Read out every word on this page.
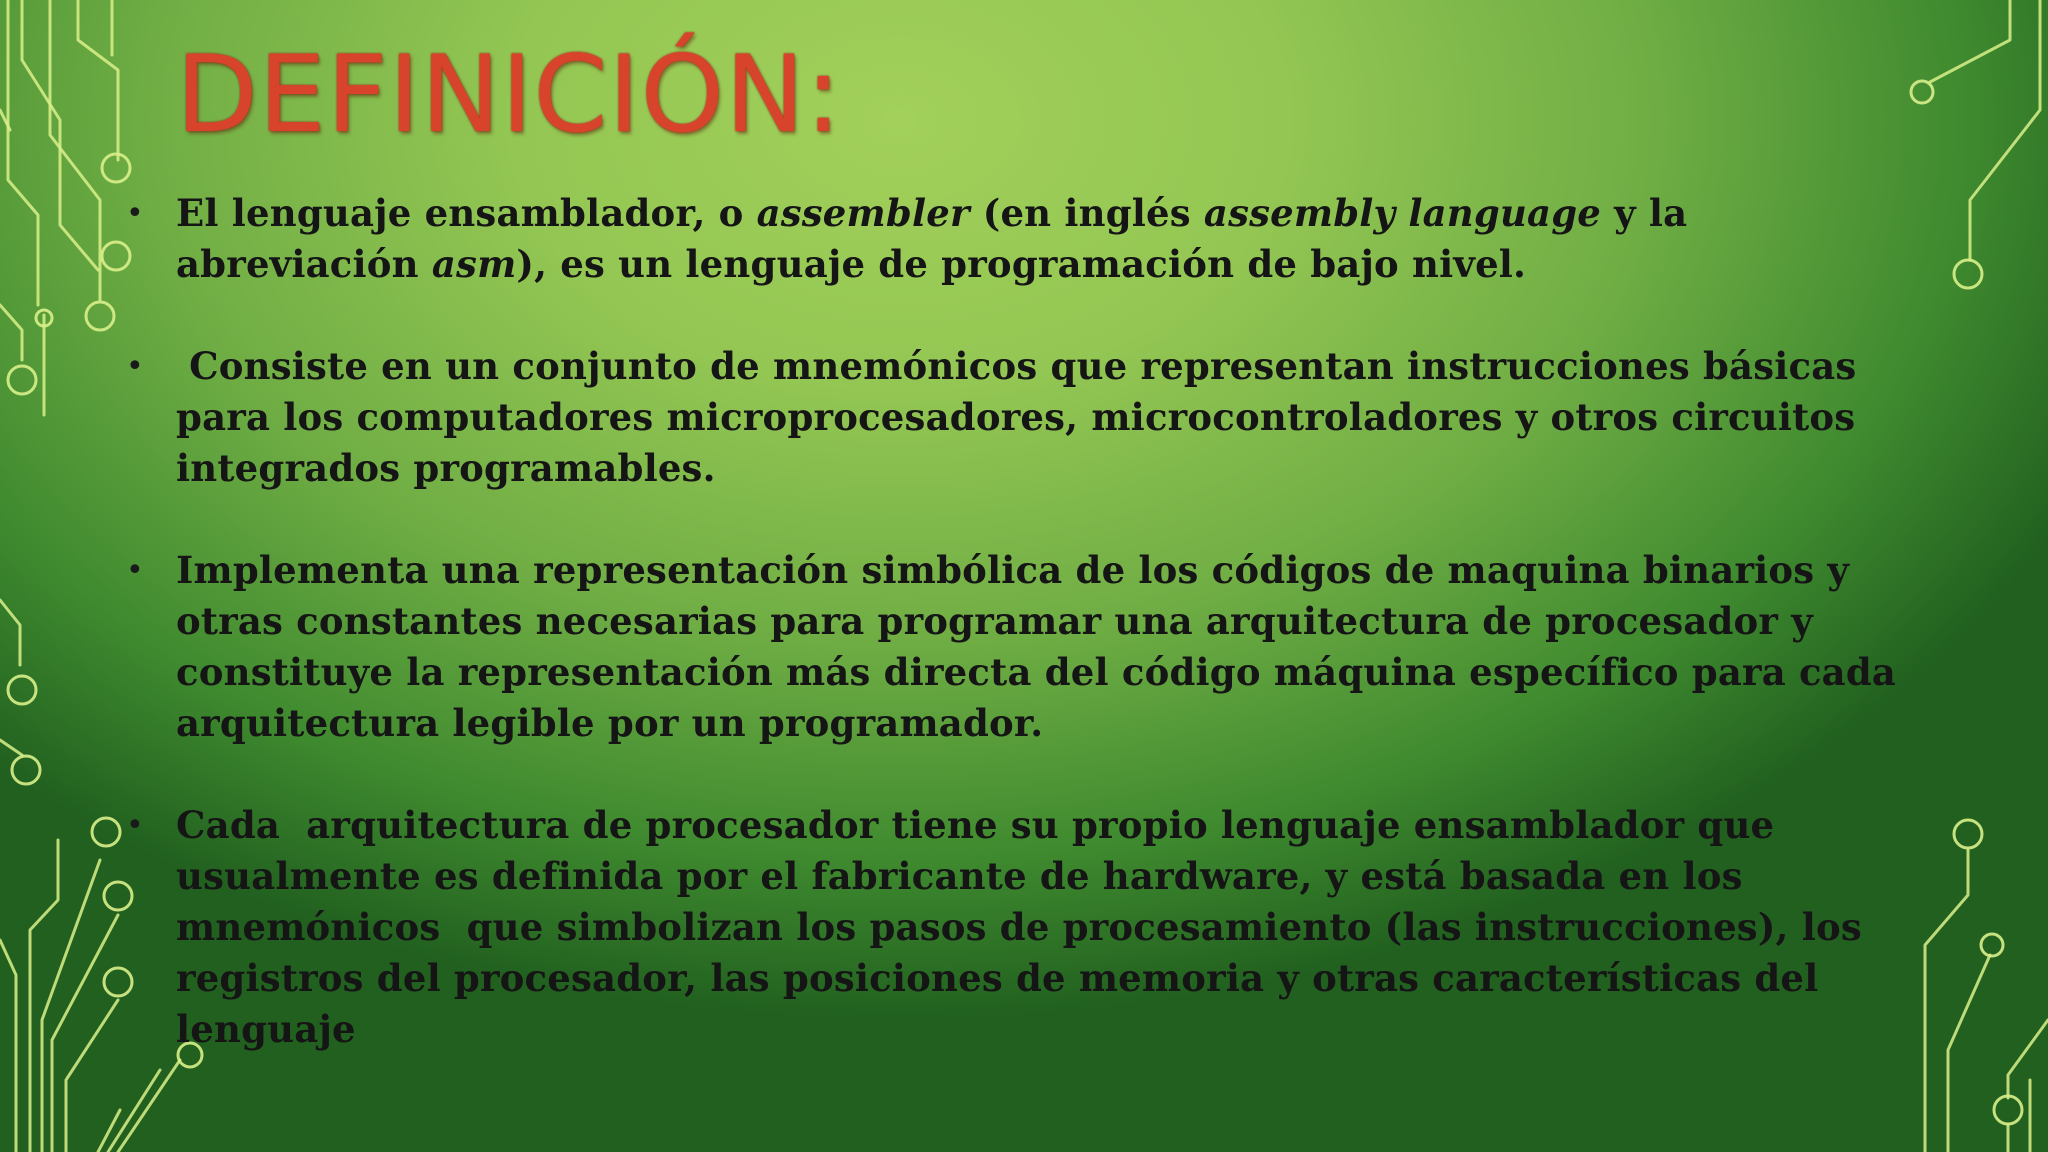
DEFINICIÓN:
• El lenguaje ensamblador, o assembler (en inglés assembly language y la abreviación asm), es un lenguaje de programación de bajo nivel.
• Consiste en un conjunto de mnemónicos que representan instrucciones básicas para los computadores microprocesadores, microcontroladores y otros circuitos integrados programables.
• Implementa una representación simbólica de los códigos de maquina binarios y otras constantes necesarias para programar una arquitectura de procesador y constituye la representación más directa del código máquina específico para cada arquitectura legible por un programador.
• Cada  arquitectura de procesador tiene su propio lenguaje ensamblador que usualmente es definida por el fabricante de hardware, y está basada en los mnemónicos  que simbolizan los pasos de procesamiento (las instrucciones), los registros del procesador, las posiciones de memoria y otras características del lenguaje
